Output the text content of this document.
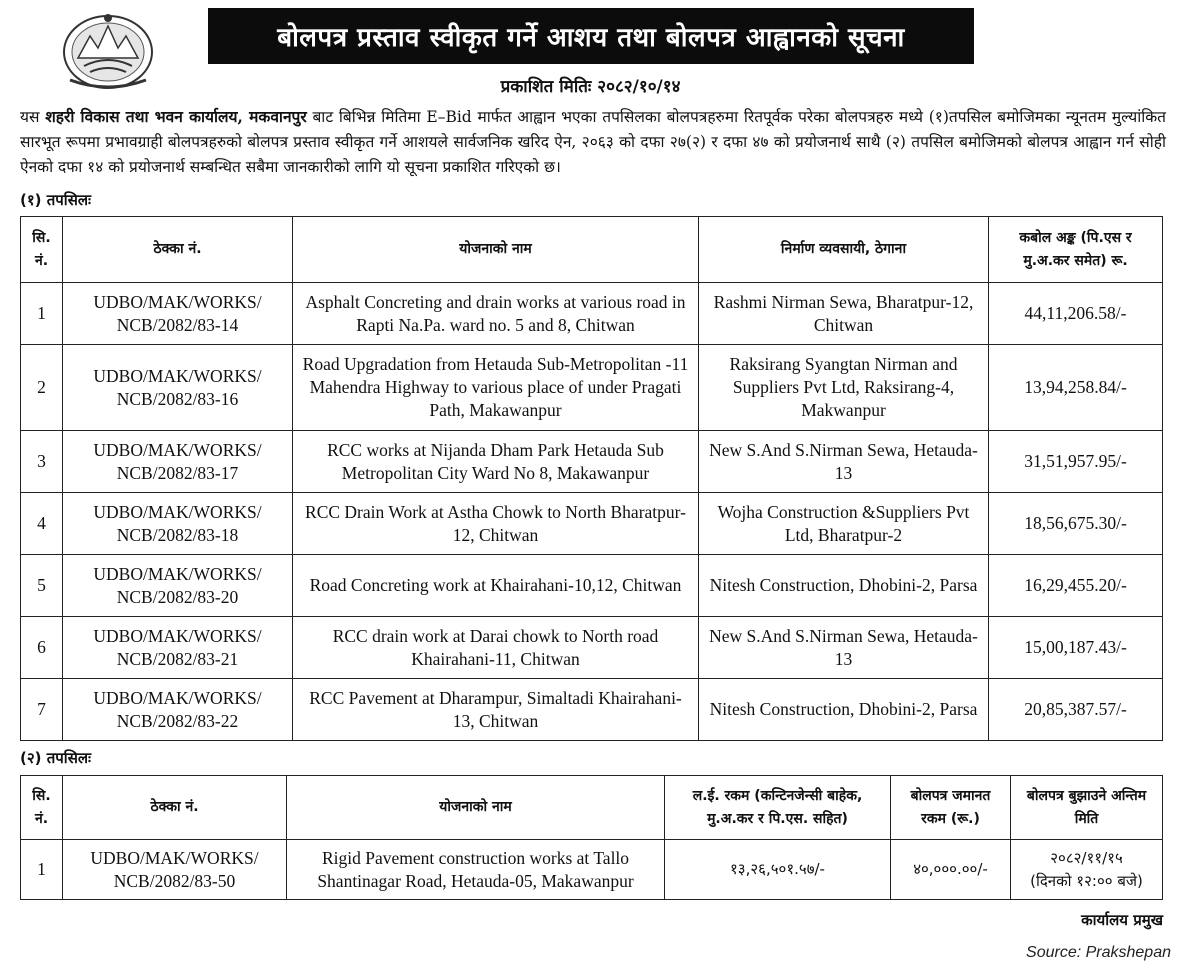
बोलपत्र प्रस्ताव स्वीकृत गर्ने आशय तथा बोलपत्र आह्वानको सूचना
प्रकाशित मितिः २०८२/१०/१४

यस शहरी विकास तथा भवन कार्यालय, मकवानपुर बाट बिभिन्न मितिमा E–Bid मार्फत आह्वान भएका तपसिलका बोलपत्रहरुमा रितपूर्वक परेका बोलपत्रहरु मध्ये (१)तपसिल बमोजिमका न्यूनतम मुल्यांकित सारभूत रूपमा प्रभावग्राही बोलपत्रहरुको बोलपत्र प्रस्ताव स्वीकृत गर्ने आशयले सार्वजनिक खरिद ऐन, २०६३ को दफा २७(२) र दफा ४७ को प्रयोजनार्थ साथै (२) तपसिल बमोजिमको बोलपत्र आह्वान गर्न सोही ऐनको दफा १४ को प्रयोजनार्थ सम्बन्धित सबैमा जानकारीको लागि यो सूचना प्रकाशित गरिएको छ।

(१) तपसिलः
सि. नं.	ठेक्का नं.	योजनाको नाम	निर्माण व्यवसायी, ठेगाना	कबोल अङ्क (पि.एस र मु.अ.कर समेत) रू.
1	UDBO/MAK/WORKS/ NCB/2082/83-14	Asphalt Concreting and drain works at various road in Rapti Na.Pa. ward no. 5 and 8, Chitwan	Rashmi Nirman Sewa, Bharatpur-12, Chitwan	44,11,206.58/-
2	UDBO/MAK/WORKS/ NCB/2082/83-16	Road Upgradation from Hetauda Sub-Metropolitan -11 Mahendra Highway to various place of under Pragati Path, Makawanpur	Raksirang Syangtan Nirman and Suppliers Pvt Ltd, Raksirang-4, Makwanpur	13,94,258.84/-
3	UDBO/MAK/WORKS/ NCB/2082/83-17	RCC works at Nijanda Dham Park Hetauda Sub Metropolitan City Ward No 8, Makawanpur	New S.And S.Nirman Sewa, Hetauda-13	31,51,957.95/-
4	UDBO/MAK/WORKS/ NCB/2082/83-18	RCC Drain Work at Astha Chowk to North Bharatpur-12, Chitwan	Wojha Construction &Suppliers Pvt Ltd, Bharatpur-2	18,56,675.30/-
5	UDBO/MAK/WORKS/ NCB/2082/83-20	Road Concreting work at Khairahani-10,12, Chitwan	Nitesh Construction, Dhobini-2, Parsa	16,29,455.20/-
6	UDBO/MAK/WORKS/ NCB/2082/83-21	RCC drain work at Darai chowk to North road Khairahani-11, Chitwan	New S.And S.Nirman Sewa, Hetauda-13	15,00,187.43/-
7	UDBO/MAK/WORKS/ NCB/2082/83-22	RCC Pavement at Dharampur, Simaltadi Khairahani-13, Chitwan	Nitesh Construction, Dhobini-2, Parsa	20,85,387.57/-
(२) तपसिलः
सि. नं.	ठेक्का नं.	योजनाको नाम	ल.ई. रकम (कन्टिनजेन्सी बाहेक, मु.अ.कर र पि.एस. सहित)	बोलपत्र जमानत रकम (रू.)	बोलपत्र बुझाउने अन्तिम मिति
1	UDBO/MAK/WORKS/ NCB/2082/83-50	Rigid Pavement construction works at Tallo Shantinagar Road, Hetauda-05, Makawanpur	१३,२६,५०१.५७/-	४०,०००.००/-	२०८२/११/१५
(दिनको १२:०० बजे)
कार्यालय प्रमुख
Source: Prakshepan
